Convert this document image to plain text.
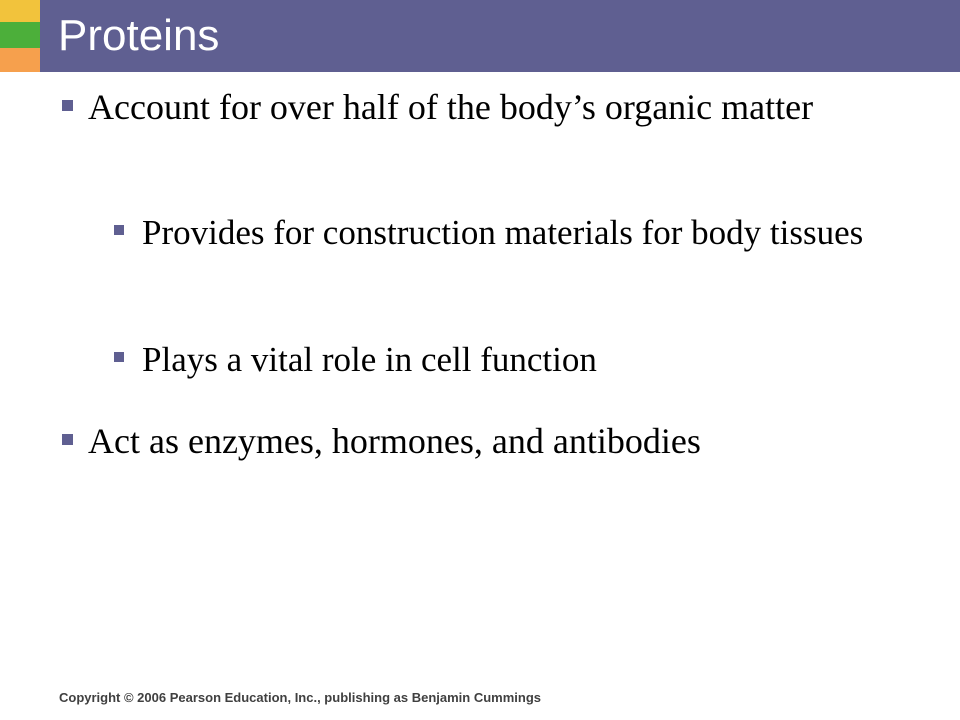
Proteins

Account for over half of the body’s organic matter

Provides for construction materials for body tissues

Plays a vital role in cell function

Act as enzymes, hormones, and antibodies

Copyright © 2006 Pearson Education, Inc., publishing as Benjamin Cummings
